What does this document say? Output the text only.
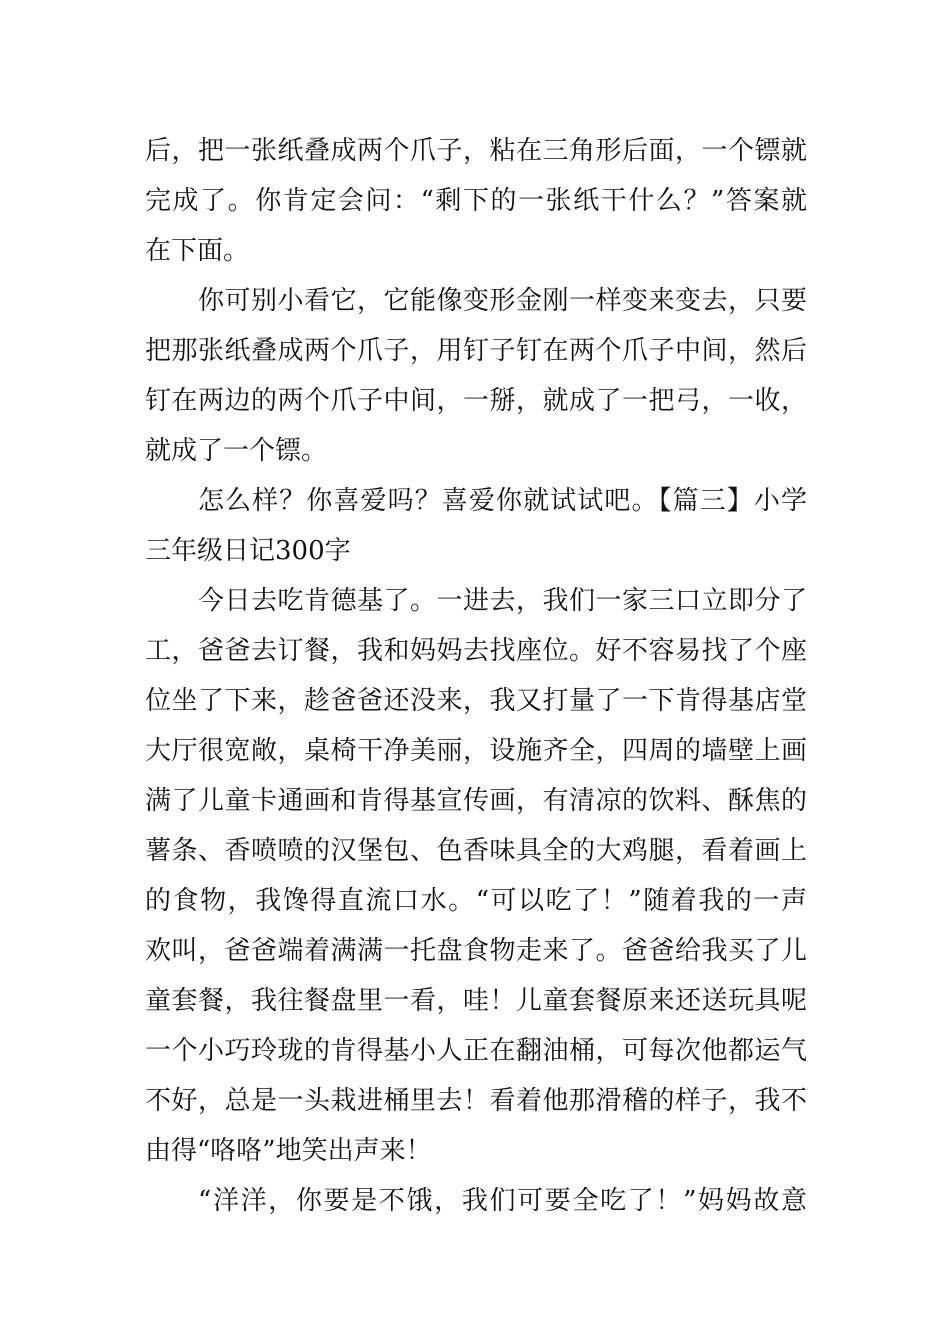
后，把一张纸叠成两个爪子，粘在三角形后面，一个镖就
完成了。你肯定会问：“剩下的一张纸干什么？”答案就
在下面。
你可别小看它，它能像变形金刚一样变来变去，只要
把那张纸叠成两个爪子，用钉子钉在两个爪子中间，然后
钉在两边的两个爪子中间，一掰，就成了一把弓，一收，
就成了一个镖。
怎么样？你喜爱吗？喜爱你就试试吧。【篇三】小学
三年级日记300字
今日去吃肯德基了。一进去，我们一家三口立即分了
工，爸爸去订餐，我和妈妈去找座位。好不容易找了个座
位坐了下来，趁爸爸还没来，我又打量了一下肯得基店堂
大厅很宽敞，桌椅干净美丽，设施齐全，四周的墙壁上画
满了儿童卡通画和肯得基宣传画，有清凉的饮料、酥焦的
薯条、香喷喷的汉堡包、色香味具全的大鸡腿，看着画上
的食物，我馋得直流口水。“可以吃了！”随着我的一声
欢叫，爸爸端着满满一托盘食物走来了。爸爸给我买了儿
童套餐，我往餐盘里一看，哇！儿童套餐原来还送玩具呢
一个小巧玲珑的肯得基小人正在翻油桶，可每次他都运气
不好，总是一头栽进桶里去！看着他那滑稽的样子，我不
由得“咯咯”地笑出声来！
“洋洋，你要是不饿，我们可要全吃了！”妈妈故意
